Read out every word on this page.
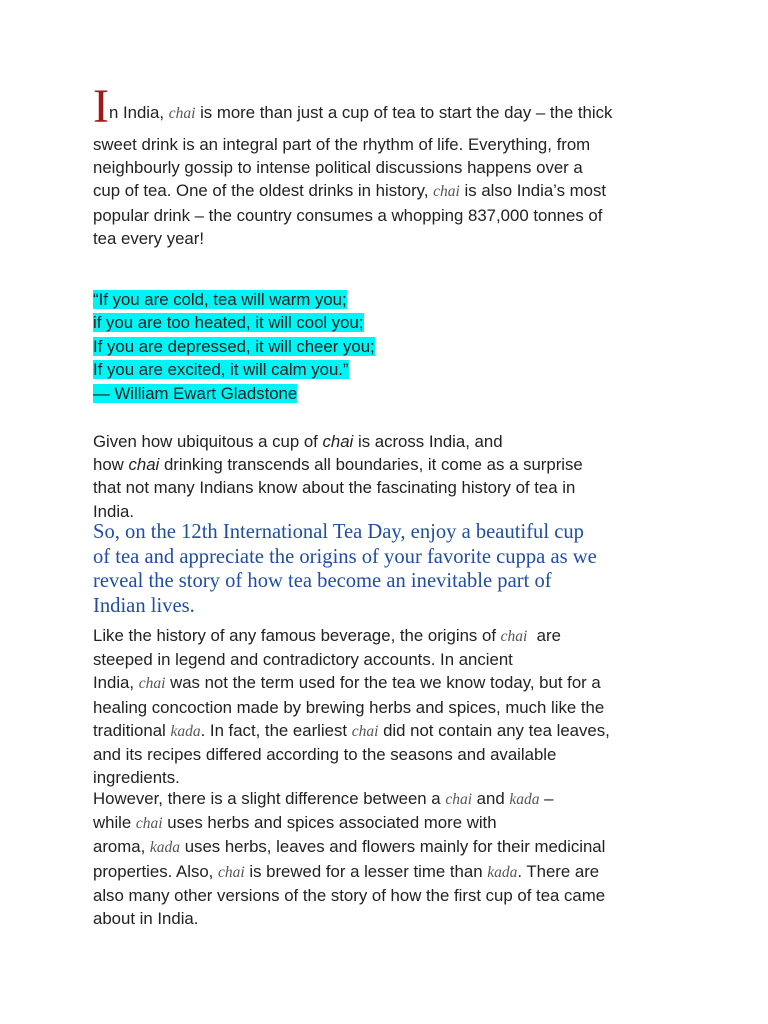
In India, chai is more than just a cup of tea to start the day – the thick
sweet drink is an integral part of the rhythm of life. Everything, from
neighbourly gossip to intense political discussions happens over a
cup of tea. One of the oldest drinks in history, chai is also India’s most
popular drink – the country consumes a whopping 837,000 tonnes of
tea every year!
“If you are cold, tea will warm you;
if you are too heated, it will cool you;
If you are depressed, it will cheer you;
If you are excited, it will calm you.”
— William Ewart Gladstone
Given how ubiquitous a cup of chai is across India, and
how chai drinking transcends all boundaries, it come as a surprise
that not many Indians know about the fascinating history of tea in
India.
So, on the 12th International Tea Day, enjoy a beautiful cup
of tea and appreciate the origins of your favorite cuppa as we
reveal the story of how tea become an inevitable part of
Indian lives.
Like the history of any famous beverage, the origins of chai are
steeped in legend and contradictory accounts. In ancient
India, chai was not the term used for the tea we know today, but for a
healing concoction made by brewing herbs and spices, much like the
traditional kada. In fact, the earliest chai did not contain any tea leaves,
and its recipes differed according to the seasons and available
ingredients.
However, there is a slight difference between a chai and kada –
while chai uses herbs and spices associated more with
aroma, kada uses herbs, leaves and flowers mainly for their medicinal
properties. Also, chai is brewed for a lesser time than kada. There are
also many other versions of the story of how the first cup of tea came
about in India.
